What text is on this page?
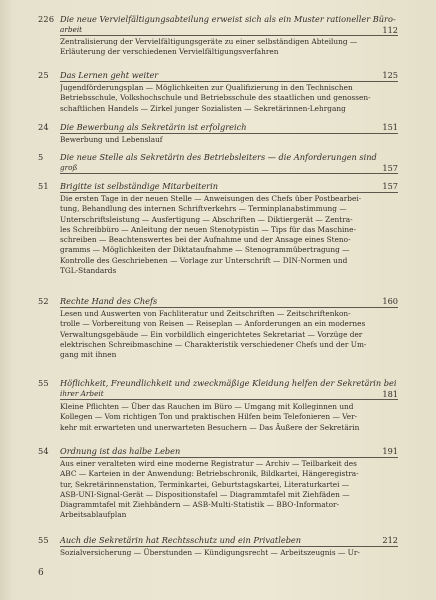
226 Die neue Vervielfältigungsabteilung erweist sich als ein Muster rationeller Büro-
arbeit	112
Zentralisierung der Vervielfältigungsgeräte zu einer selbständigen Abteilung —
Erläuterung der verschiedenen Vervielfältigungsverfahren
25 Das Lernen geht weiter	125
Jugendförderungsplan — Möglichkeiten zur Qualifizierung in den Technischen
Betriebsschule, Volkshochschule und Betriebsschule des staatlichen und genossen-
schaftlichen Handels — Zirkel junger Sozialisten — Sekretärinnen-Lehrgang
24 Die Bewerbung als Sekretärin ist erfolgreich	151
Bewerbung und Lebenslauf
5 Die neue Stelle als Sekretärin des Betriebsleiters — die Anforderungen sind
groß	157
51 Brigitte ist selbständige Mitarbeiterin	157
Die ersten Tage in der neuen Stelle — Anweisungen des Chefs über Postbearbei-
tung, Behandlung des internen Schriftverkehrs — Terminplanabstimmung —
Unterschriftsleistung — Ausfertigung — Abschriften — Diktiergerät — Zentra-
les Schreibbüro — Anleitung der neuen Stenotypistin — Tips für das Maschine-
schreiben — Beachtenswertes bei der Aufnahme und der Ansage eines Steno-
gramms — Möglichkeiten der Diktataufnahme — Stenogrammübertragung —
Kontrolle des Geschriebenen — Vorlage zur Unterschrift — DIN-Normen und
TGL-Standards
52 Rechte Hand des Chefs	160
Lesen und Auswerten von Fachliteratur und Zeitschriften — Zeitschriftenkon-
trolle — Vorbereitung von Reisen — Reiseplan — Anforderungen an ein modernes
Verwaltungsgebäude — Ein vorbildlich eingerichtetes Sekretariat — Vorzüge der
elektrischen Schreibmaschine — Charakteristik verschiedener Chefs und der Um-
gang mit ihnen
55 Höflichkeit, Freundlichkeit und zweckmäßige Kleidung helfen der Sekretärin bei
ihrer Arbeit	181
Kleine Pflichten — Über das Rauchen im Büro — Umgang mit Kolleginnen und
Kollegen — Vom richtigen Ton und praktischen Hilfen beim Telefonieren — Ver-
kehr mit erwarteten und unerwarteten Besuchern — Das Äußere der Sekretärin
54 Ordnung ist das halbe Leben	191
Aus einer veralteten wird eine moderne Registratur — Archiv — Teilbarkeit des
ABC — Karteien in der Anwendung: Betriebschronik, Bildkartei, Hängeregistra-
tur, Sekretärinnenstation, Terminkartei, Geburtstagskartei, Literaturkartei —
ASB-UNI-Signal-Gerät — Dispositionstafel — Diagrammtafel mit Ziehfäden —
Diagrammtafel mit Ziehbändern — ASB-Multi-Statistik — BBO-Informator-
Arbeitsablaufplan
55 Auch die Sekretärin hat Rechtsschutz und ein Privatleben	212
Sozialversicherung — Überstunden — Kündigungsrecht — Arbeitszeugnis — Ur-
6
